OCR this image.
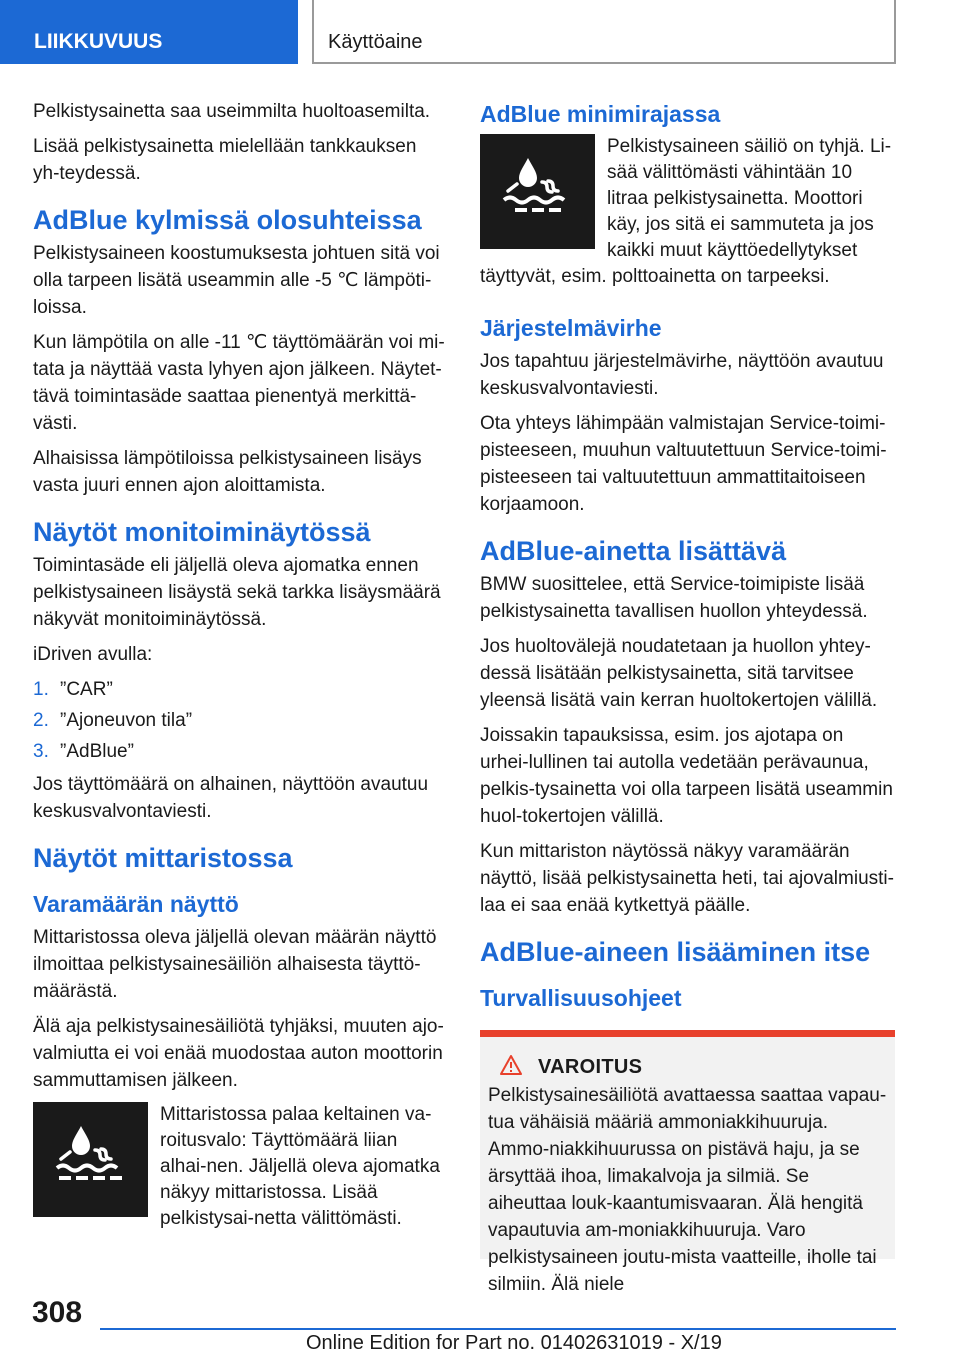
LIIKKUVUUS	Käyttöaine

Pelkistysainetta saa useimmilta huoltoasemilta.

Lisää pelkistysainetta mielellään tankkauksen yh-teydessä.

AdBlue kylmissä olosuhteissa

Pelkistysaineen koostumuksesta johtuen sitä voi olla tarpeen lisätä useammin alle -5 ℃ lämpöti-loissa.

Kun lämpötila on alle -11 ℃ täyttömäärän voi mi-tata ja näyttää vasta lyhyen ajon jälkeen. Näytet-tävä toimintasäde saattaa pienentyä merkittä-västi.

Alhaisissa lämpötiloissa pelkistysaineen lisäys vasta juuri ennen ajon aloittamista.

Näytöt monitoiminäytössä

Toimintasäde eli jäljellä oleva ajomatka ennen pelkistysaineen lisäystä sekä tarkka lisäysmäärä näkyvät monitoiminäytössä.

iDriven avulla:

1. ”CAR”
2. ”Ajoneuvon tila”
3. ”AdBlue”

Jos täyttömäärä on alhainen, näyttöön avautuu keskusvalvontaviesti.

Näytöt mittaristossa
Varamäärän näyttö

Mittaristossa oleva jäljellä olevan määrän näyttö ilmoittaa pelkistysainesäiliön alhaisesta täyttö-määrästä.

Älä aja pelkistysainesäiliötä tyhjäksi, muuten ajo-valmiutta ei voi enää muodostaa auton moottorin sammuttamisen jälkeen.

Mittaristossa palaa keltainen va-roitusvalo: Täyttömäärä liian alhai-nen. Jäljellä oleva ajomatka näkyy mittaristossa. Lisää pelkistysai-netta välittömästi.

AdBlue minimirajassa

Pelkistysaineen säiliö on tyhjä. Li-sää välittömästi vähintään 10 litraa pelkistysainetta. Moottori käy, jos sitä ei sammuteta ja jos kaikki muut käyttöedellytykset täyttyvät, esim. polttoainetta on tarpeeksi.

Järjestelmävirhe

Jos tapahtuu järjestelmävirhe, näyttöön avautuu keskusvalvontaviesti.

Ota yhteys lähimpään valmistajan Service-toimi-pisteeseen, muuhun valtuutettuun Service-toimi-pisteeseen tai valtuutettuun ammattitaitoiseen korjaamoon.

AdBlue-ainetta lisättävä

BMW suosittelee, että Service-toimipiste lisää pelkistysainetta tavallisen huollon yhteydessä.

Jos huoltovälejä noudatetaan ja huollon yhtey-dessä lisätään pelkistysainetta, sitä tarvitsee yleensä lisätä vain kerran huoltokertojen välillä.

Joissakin tapauksissa, esim. jos ajotapa on urhei-lullinen tai autolla vedetään perävaunua, pelkis-tysainetta voi olla tarpeen lisätä useammin huol-tokertojen välillä.

Kun mittariston näytössä näkyy varamäärän näyttö, lisää pelkistysainetta heti, tai ajovalmiusti-laa ei saa enää kytkettyä päälle.

AdBlue-aineen lisääminen itse
Turvallisuusohjeet
VAROITUS

Pelkistysainesäiliötä avattaessa saattaa vapau-tua vähäisiä määriä ammoniakkihuuruja. Ammo-niakkihuurussa on pistävä haju, ja se ärsyttää ihoa, limakalvoja ja silmiä. Se aiheuttaa louk-kaantumisvaaran. Älä hengitä vapautuvia am-moniakkihuuruja. Varo pelkistysaineen joutu-mista vaatteille, iholle tai silmiin. Älä niele

308
Online Edition for Part no. 01402631019 - X/19
